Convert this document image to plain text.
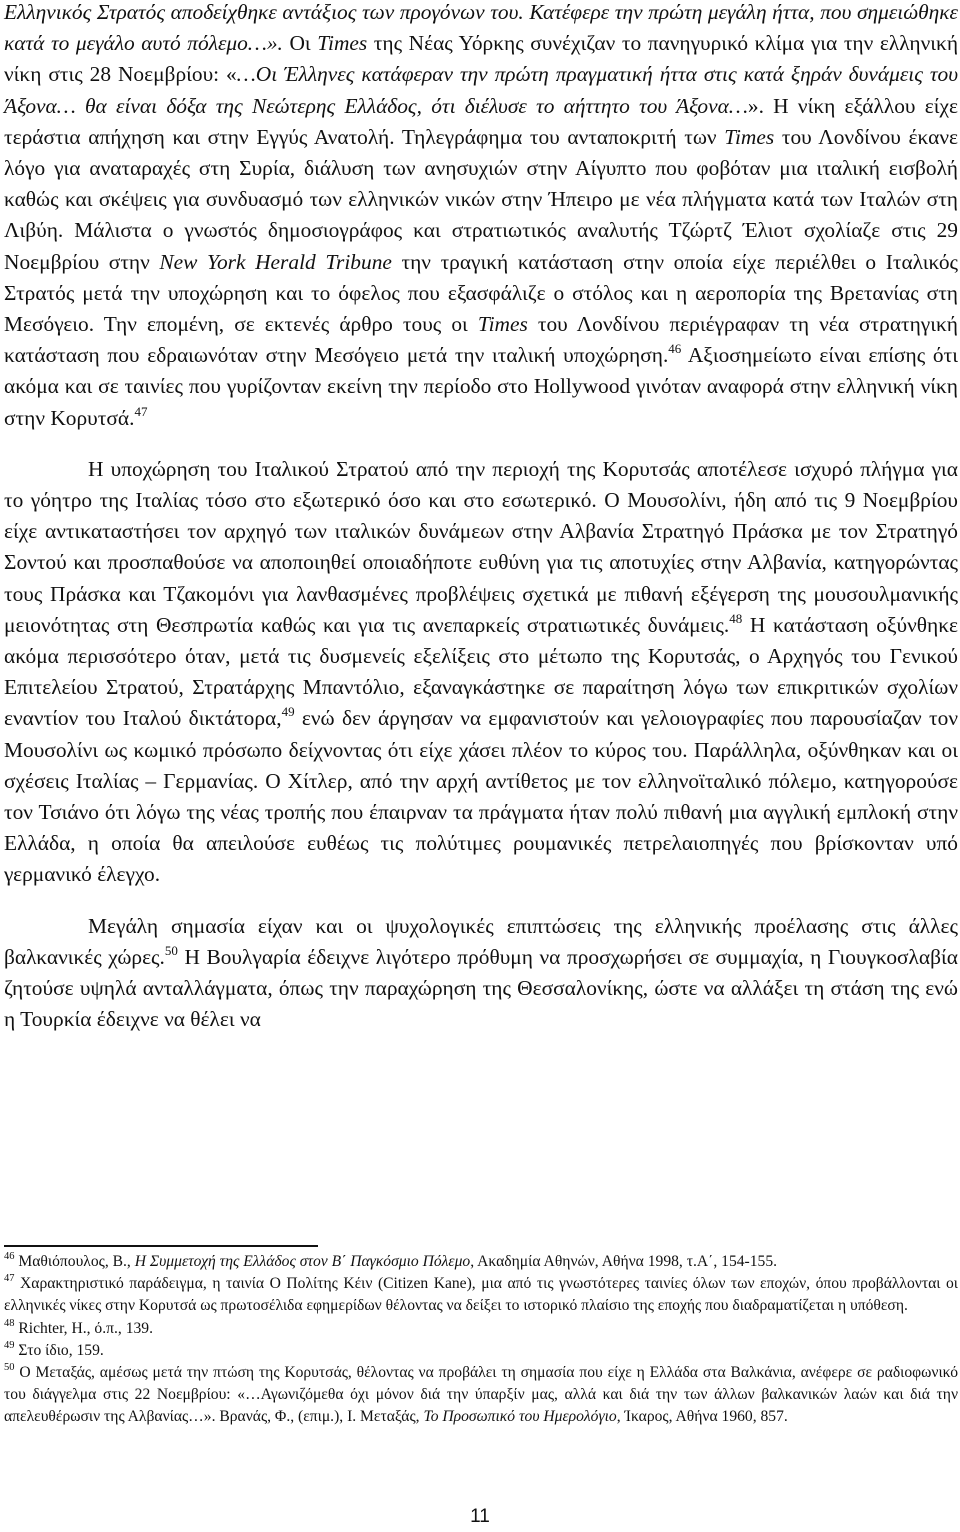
Ελληνικός Στρατός αποδείχθηκε αντάξιος των προγόνων του. Κατέφερε την πρώτη μεγάλη ήττα, που σημειώθηκε κατά το μεγάλο αυτό πόλεμο…». Οι Times της Νέας Υόρκης συνέχιζαν το πανηγυρικό κλίμα για την ελληνική νίκη στις 28 Νοεμβρίου: «…Οι Έλληνες κατάφεραν την πρώτη πραγματική ήττα στις κατά ξηράν δυνάμεις του Άξονα… θα είναι δόξα της Νεώτερης Ελλάδος, ότι διέλυσε το αήττητο του Άξονα…». Η νίκη εξάλλου είχε τεράστια απήχηση και στην Εγγύς Ανατολή. Τηλεγράφημα του ανταποκριτή των Times του Λονδίνου έκανε λόγο για αναταραχές στη Συρία, διάλυση των ανησυχιών στην Αίγυπτο που φοβόταν μια ιταλική εισβολή καθώς και σκέψεις για συνδυασμό των ελληνικών νικών στην Ήπειρο με νέα πλήγματα κατά των Ιταλών στη Λιβύη. Μάλιστα ο γνωστός δημοσιογράφος και στρατιωτικός αναλυτής Τζώρτζ Έλιοτ σχολίαζε στις 29 Νοεμβρίου στην New York Herald Tribune την τραγική κατάσταση στην οποία είχε περιέλθει ο Ιταλικός Στρατός μετά την υποχώρηση και το όφελος που εξασφάλιζε ο στόλος και η αεροπορία της Βρετανίας στη Μεσόγειο. Την επομένη, σε εκτενές άρθρο τους οι Times του Λονδίνου περιέγραφαν τη νέα στρατηγική κατάσταση που εδραιωνόταν στην Μεσόγειο μετά την ιταλική υποχώρηση.$^{46}$ Αξιοσημείωτο είναι επίσης ότι ακόμα και σε ταινίες που γυρίζονταν εκείνη την περίοδο στο Hollywood γινόταν αναφορά στην ελληνική νίκη στην Κορυτσά.$^{47}$

Η υποχώρηση του Ιταλικού Στρατού από την περιοχή της Κορυτσάς αποτέλεσε ισχυρό πλήγμα για το γόητρο της Ιταλίας τόσο στο εξωτερικό όσο και στο εσωτερικό. Ο Μουσολίνι, ήδη από τις 9 Νοεμβρίου είχε αντικαταστήσει τον αρχηγό των ιταλικών δυνάμεων στην Αλβανία Στρατηγό Πράσκα με τον Στρατηγό Σοντού και προσπαθούσε να αποποιηθεί οποιαδήποτε ευθύνη για τις αποτυχίες στην Αλβανία, κατηγορώντας τους Πράσκα και Τζακομόνι για λανθασμένες προβλέψεις σχετικά με πιθανή εξέγερση της μουσουλμανικής μειονότητας στη Θεσπρωτία καθώς και για τις ανεπαρκείς στρατιωτικές δυνάμεις.$^{48}$ Η κατάσταση οξύνθηκε ακόμα περισσότερο όταν, μετά τις δυσμενείς εξελίξεις στο μέτωπο της Κορυτσάς, ο Αρχηγός του Γενικού Επιτελείου Στρατού, Στρατάρχης Μπαντόλιο, εξαναγκάστηκε σε παραίτηση λόγω των επικριτικών σχολίων εναντίον του Ιταλού δικτάτορα,$^{49}$ ενώ δεν άργησαν να εμφανιστούν και γελοιογραφίες που παρουσίαζαν τον Μουσολίνι ως κωμικό πρόσωπο δείχνοντας ότι είχε χάσει πλέον το κύρος του. Παράλληλα, οξύνθηκαν και οι σχέσεις Ιταλίας – Γερμανίας. Ο Χίτλερ, από την αρχή αντίθετος με τον ελληνοϊταλικό πόλεμο, κατηγορούσε τον Τσιάνο ότι λόγω της νέας τροπής που έπαιρναν τα πράγματα ήταν πολύ πιθανή μια αγγλική εμπλοκή στην Ελλάδα, η οποία θα απειλούσε ευθέως τις πολύτιμες ρουμανικές πετρελαιοπηγές που βρίσκονταν υπό γερμανικό έλεγχο.

Μεγάλη σημασία είχαν και οι ψυχολογικές επιπτώσεις της ελληνικής προέλασης στις άλλες βαλκανικές χώρες.$^{50}$ Η Βουλγαρία έδειχνε λιγότερο πρόθυμη να προσχωρήσει σε συμμαχία, η Γιουγκοσλαβία ζητούσε υψηλά ανταλλάγματα, όπως την παραχώρηση της Θεσσαλονίκης, ώστε να αλλάξει τη στάση της ενώ η Τουρκία έδειχνε να θέλει να

$^{46}$ Μαθιόπουλος, Β., Η Συμμετοχή της Ελλάδος στον Β΄ Παγκόσμιο Πόλεμο, Ακαδημία Αθηνών, Αθήνα 1998, τ.Α΄, 154-155.

$^{47}$ Χαρακτηριστικό παράδειγμα, η ταινία Ο Πολίτης Κέιν (Citizen Kane), μια από τις γνωστότερες ταινίες όλων των εποχών, όπου προβάλλονται οι ελληνικές νίκες στην Κορυτσά ως πρωτοσέλιδα εφημερίδων θέλοντας να δείξει το ιστορικό πλαίσιο της εποχής που διαδραματίζεται η υπόθεση.

$^{48}$ Richter, H., ό.π., 139.

$^{49}$ Στο ίδιο, 159.

$^{50}$ Ο Μεταξάς, αμέσως μετά την πτώση της Κορυτσάς, θέλοντας να προβάλει τη σημασία που είχε η Ελλάδα στα Βαλκάνια, ανέφερε σε ραδιοφωνικό του διάγγελμα στις 22 Νοεμβρίου: «…Αγωνιζόμεθα όχι μόνον διά την ύπαρξίν μας, αλλά και διά την των άλλων βαλκανικών λαών και διά την απελευθέρωσιν της Αλβανίας…». Βρανάς, Φ., (επιμ.), Ι. Μεταξάς, Το Προσωπικό του Ημερολόγιο, Ίκαρος, Αθήνα 1960, 857.

11
